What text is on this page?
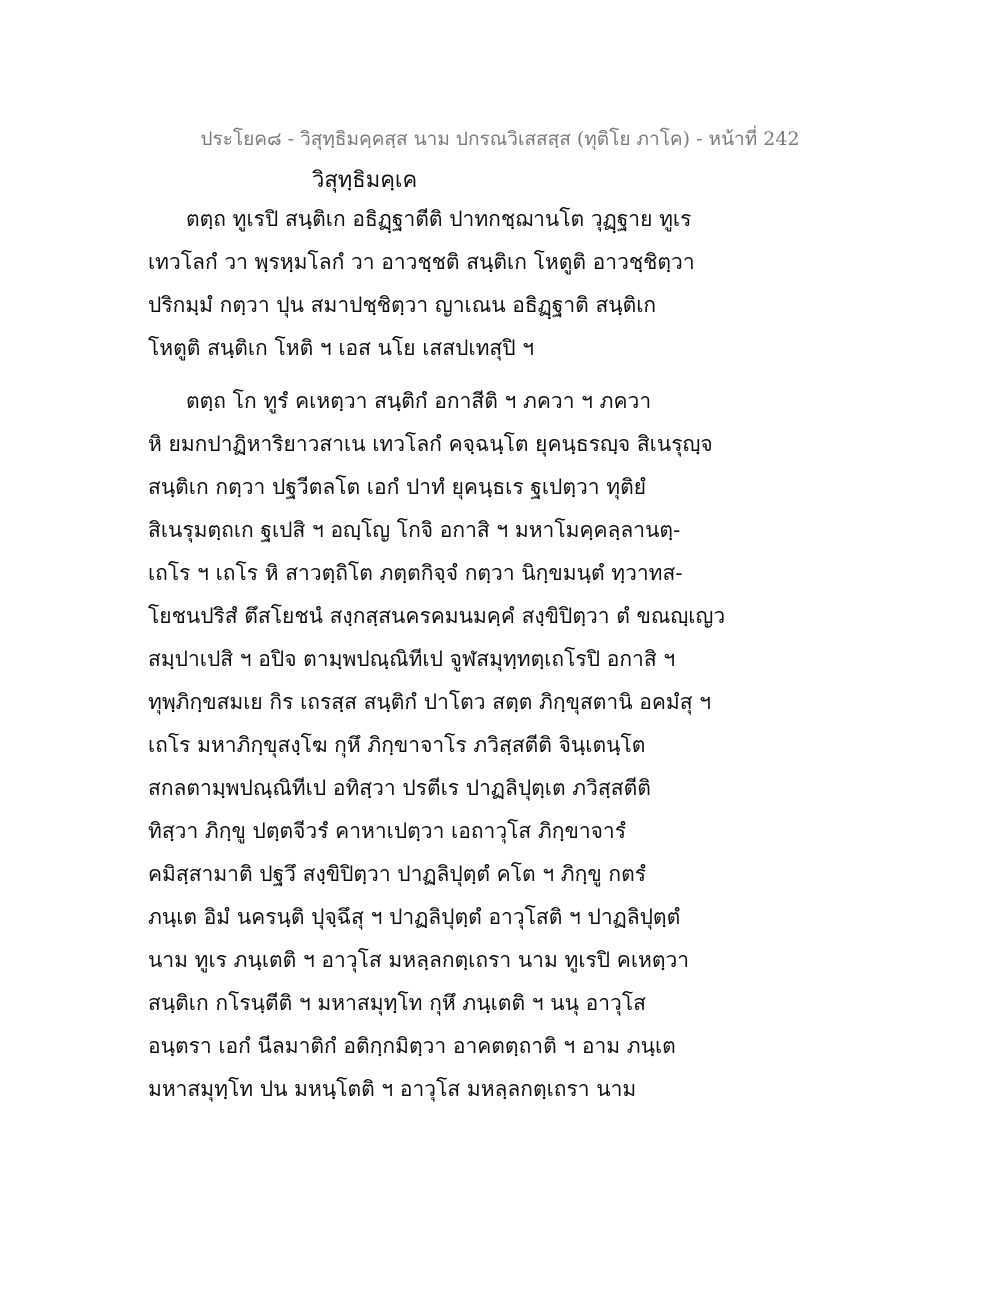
ประโยค๘ - วิสุทฺธิมคฺคสฺส นาม ปกรณวิเสสสฺส (ทุติโย ภาโค) - หน้าที่ 242
วิสุทฺธิมคฺเค
ตตฺถ ทูเรปิ สนฺติเก อธิฏฺฐาตีติ ปาทกชฺฌานโต วุฏฺฐาย ทูเร
เทวโลกํ วา พฺรหฺมโลกํ วา อาวชฺชติ สนฺติเก โหตูติ อาวชฺชิตฺวา
ปริกมฺมํ กตฺวา ปุน สมาปชฺชิตฺวา ญาเณน อธิฏฺฐาติ สนฺติเก
โหตูติ สนฺติเก โหติ ฯ เอส นโย เสสปเทสุปิ ฯ
ตตฺถ โก ทูรํ คเหตฺวา สนฺติกํ อกาสีติ ฯ ภควา ฯ ภควา
หิ ยมกปาฏิหาริยาวสาเน เทวโลกํ คจฺฉนฺโต ยุคนฺธรญฺจ สิเนรุญฺจ
สนฺติเก กตฺวา ปฐวีตลโต เอกํ ปาทํ ยุคนฺธเร ฐเปตฺวา ทุติยํ
สิเนรุมตฺถเก ฐเปสิ ฯ อญฺโญ โกจิ อกาสิ ฯ มหาโมคฺคลฺลานตฺ-
เถโร ฯ เถโร หิ สาวตฺถิโต ภตฺตกิจฺจํ กตฺวา นิกฺขมนฺตํ ทฺวาทส-
โยชนปริสํ ตึสโยชนํ สงฺกสฺสนครคมนมคฺคํ สงฺขิปิตฺวา ตํ ขณญฺเญว
สมฺปาเปสิ ฯ อปิจ ตามฺพปณฺณิทีเป จูฬสมุทฺทตฺเถโรปิ อกาสิ ฯ
ทุพฺภิกฺขสมเย กิร เถรสฺส สนฺติกํ ปาโตว สตฺต ภิกฺขุสตานิ อคมํสุ ฯ
เถโร มหาภิกฺขุสงฺโฆ กุหึ ภิกฺขาจาโร ภวิสฺสตีติ จินฺเตนฺโต
สกลตามฺพปณฺณิทีเป อทิสฺวา ปรตีเร ปาฏลิปุตฺเต ภวิสฺสตีติ
ทิสฺวา ภิกฺขู ปตฺตจีวรํ คาหาเปตฺวา เอถาวุโส ภิกฺขาจารํ
คมิสฺสามาติ ปฐวึ สงฺขิปิตฺวา ปาฏลิปุตฺตํ คโต ฯ ภิกฺขู กตรํ
ภนฺเต อิมํ นครนฺติ ปุจฺฉึสุ ฯ ปาฏลิปุตฺตํ อาวุโสติ ฯ ปาฏลิปุตฺตํ
นาม ทูเร ภนฺเตติ ฯ อาวุโส มหลฺลกตฺเถรา นาม ทูเรปิ คเหตฺวา
สนฺติเก กโรนฺตีติ ฯ มหาสมุทฺโท กุหึ ภนฺเตติ ฯ นนุ อาวุโส
อนฺตรา เอกํ นีลมาติกํ อติกฺกมิตฺวา อาคตตฺถาติ ฯ อาม ภนฺเต
มหาสมุทฺโท ปน มหนฺโตติ ฯ อาวุโส มหลฺลกตฺเถรา นาม
